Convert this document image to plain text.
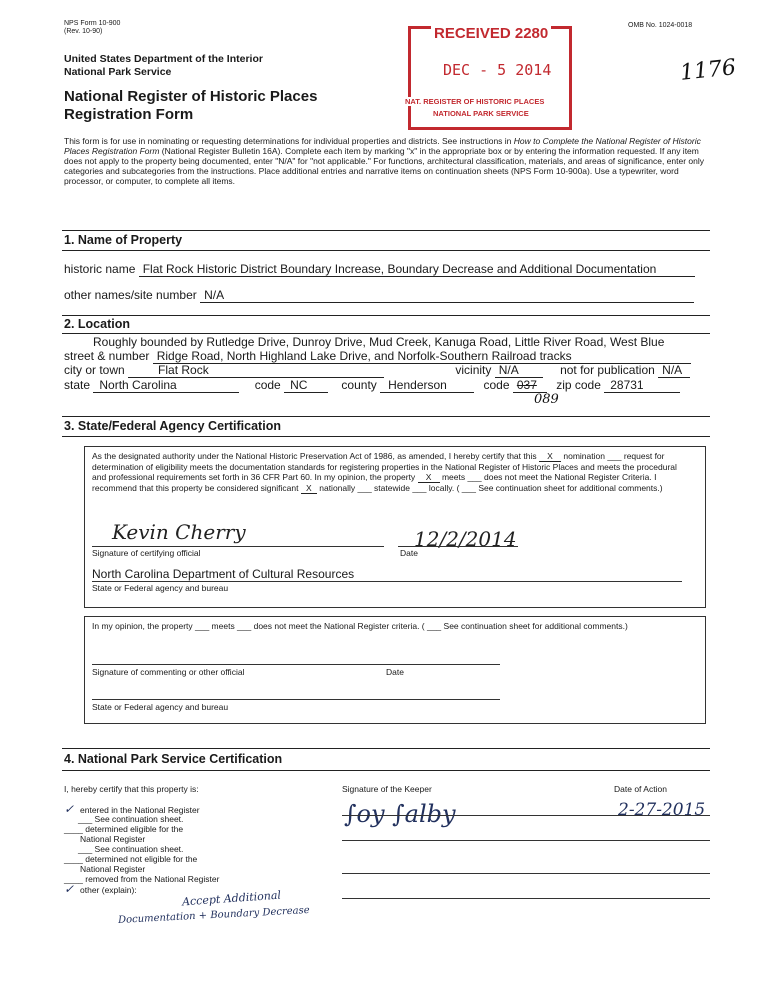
NPS Form 10-900
(Rev. 10-90)
OMB No. 1024-0018
United States Department of the Interior
National Park Service
National Register of Historic Places
Registration Form
1176
RECEIVED 2280
DEC - 5 2014
NAT. REGISTER OF HISTORIC PLACES
NATIONAL PARK SERVICE
This form is for use in nominating or requesting determinations for individual properties and districts. See instructions in How to Complete the National Register of Historic Places Registration Form (National Register Bulletin 16A). Complete each item by marking "x" in the appropriate box or by entering the information requested. If any item does not apply to the property being documented, enter "N/A" for "not applicable." For functions, architectural classification, materials, and areas of significance, enter only categories and subcategories from the instructions. Place additional entries and narrative items on continuation sheets (NPS Form 10-900a). Use a typewriter, word processor, or computer, to complete all items.
1. Name of Property
historic name Flat Rock Historic District Boundary Increase, Boundary Decrease and Additional Documentation
other names/site number N/A
2. Location
Roughly bounded by Rutledge Drive, Dunroy Drive, Mud Creek, Kanuga Road, Little River Road, West Blue
street & number Ridge Road, North Highland Lake Drive, and Norfolk-Southern Railroad tracks
city or town	Flat Rock	vicinity N/A	not for publication N/A
state North Carolina	code NC	county Henderson	code 037 zip code 28731
089
3. State/Federal Agency Certification
As the designated authority under the National Historic Preservation Act of 1986, as amended, I hereby certify that this X nomination ___ request for determination of eligibility meets the documentation standards for registering properties in the National Register of Historic Places and meets the procedural and professional requirements set forth in 36 CFR Part 60. In my opinion, the property X meets ___ does not meet the National Register Criteria. I recommend that this property be considered significant X nationally ___ statewide ___ locally. ( ___ See continuation sheet for additional comments.)
Kevin Cherry	12/2/2014
Signature of certifying official	Date
North Carolina Department of Cultural Resources
State or Federal agency and bureau
In my opinion, the property ___ meets ___ does not meet the National Register criteria. ( ___ See continuation sheet for additional comments.)
Signature of commenting or other official	Date
State or Federal agency and bureau
4. National Park Service Certification
I, hereby certify that this property is:	Signature of the Keeper	Date of Action
∫oy ∫alby	2-27-2015
✓ entered in the National Register
___ See continuation sheet.
____ determined eligible for the
National Register
___ See continuation sheet.
____ determined not eligible for the
National Register
____ removed from the National Register
✓ other (explain):	Accept Additional
Documentation + Boundary Decrease
